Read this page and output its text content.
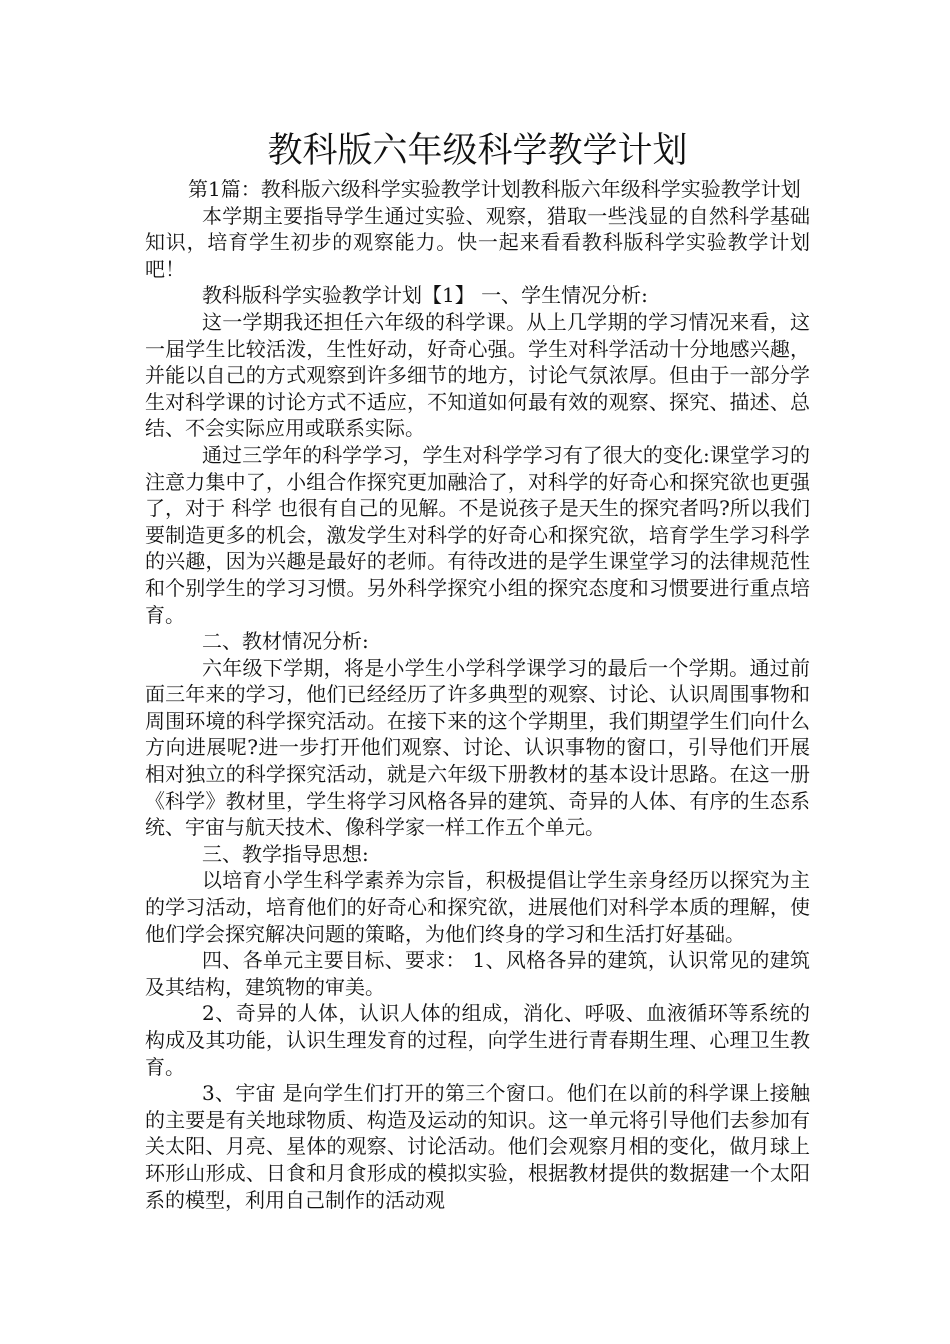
教科版六年级科学教学计划

第1篇：教科版六级科学实验教学计划教科版六年级科学实验教学计划

本学期主要指导学生通过实验、观察，猎取一些浅显的自然科学基础知识，培育学生初步的观察能力。快一起来看看教科版科学实验教学计划吧！

教科版科学实验教学计划【1】 一、学生情况分析:

这一学期我还担任六年级的科学课。从上几学期的学习情况来看，这一届学生比较活泼，生性好动，好奇心强。学生对科学活动十分地感兴趣，并能以自己的方式观察到许多细节的地方，讨论气氛浓厚。但由于一部分学生对科学课的讨论方式不适应，不知道如何最有效的观察、探究、描述、总结、不会实际应用或联系实际。

通过三学年的科学学习，学生对科学学习有了很大的变化:课堂学习的注意力集中了，小组合作探究更加融洽了，对科学的好奇心和探究欲也更强了，对于 科学 也很有自己的见解。不是说孩子是天生的探究者吗?所以我们要制造更多的机会，激发学生对科学的好奇心和探究欲，培育学生学习科学的兴趣，因为兴趣是最好的老师。有待改进的是学生课堂学习的法律规范性和个别学生的学习习惯。另外科学探究小组的探究态度和习惯要进行重点培育。

二、教材情况分析:

六年级下学期，将是小学生小学科学课学习的最后一个学期。通过前面三年来的学习，他们已经经历了许多典型的观察、讨论、认识周围事物和周围环境的科学探究活动。在接下来的这个学期里，我们期望学生们向什么方向进展呢?进一步打开他们观察、讨论、认识事物的窗口，引导他们开展相对独立的科学探究活动，就是六年级下册教材的基本设计思路。在这一册《科学》教材里，学生将学习风格各异的建筑、奇异的人体、有序的生态系统、宇宙与航天技术、像科学家一样工作五个单元。

三、教学指导思想:

以培育小学生科学素养为宗旨，积极提倡让学生亲身经历以探究为主的学习活动，培育他们的好奇心和探究欲，进展他们对科学本质的理解，使他们学会探究解决问题的策略，为他们终身的学习和生活打好基础。

四、各单元主要目标、要求： 1、风格各异的建筑，认识常见的建筑及其结构，建筑物的审美。

2、奇异的人体，认识人体的组成，消化、呼吸、血液循环等系统的构成及其功能，认识生理发育的过程，向学生进行青春期生理、心理卫生教育。

3、宇宙 是向学生们打开的第三个窗口。他们在以前的科学课上接触的主要是有关地球物质、构造及运动的知识。这一单元将引导他们去参加有关太阳、月亮、星体的观察、讨论活动。他们会观察月相的变化，做月球上环形山形成、日食和月食形成的模拟实验，根据教材提供的数据建一个太阳系的模型，利用自己制作的活动观
